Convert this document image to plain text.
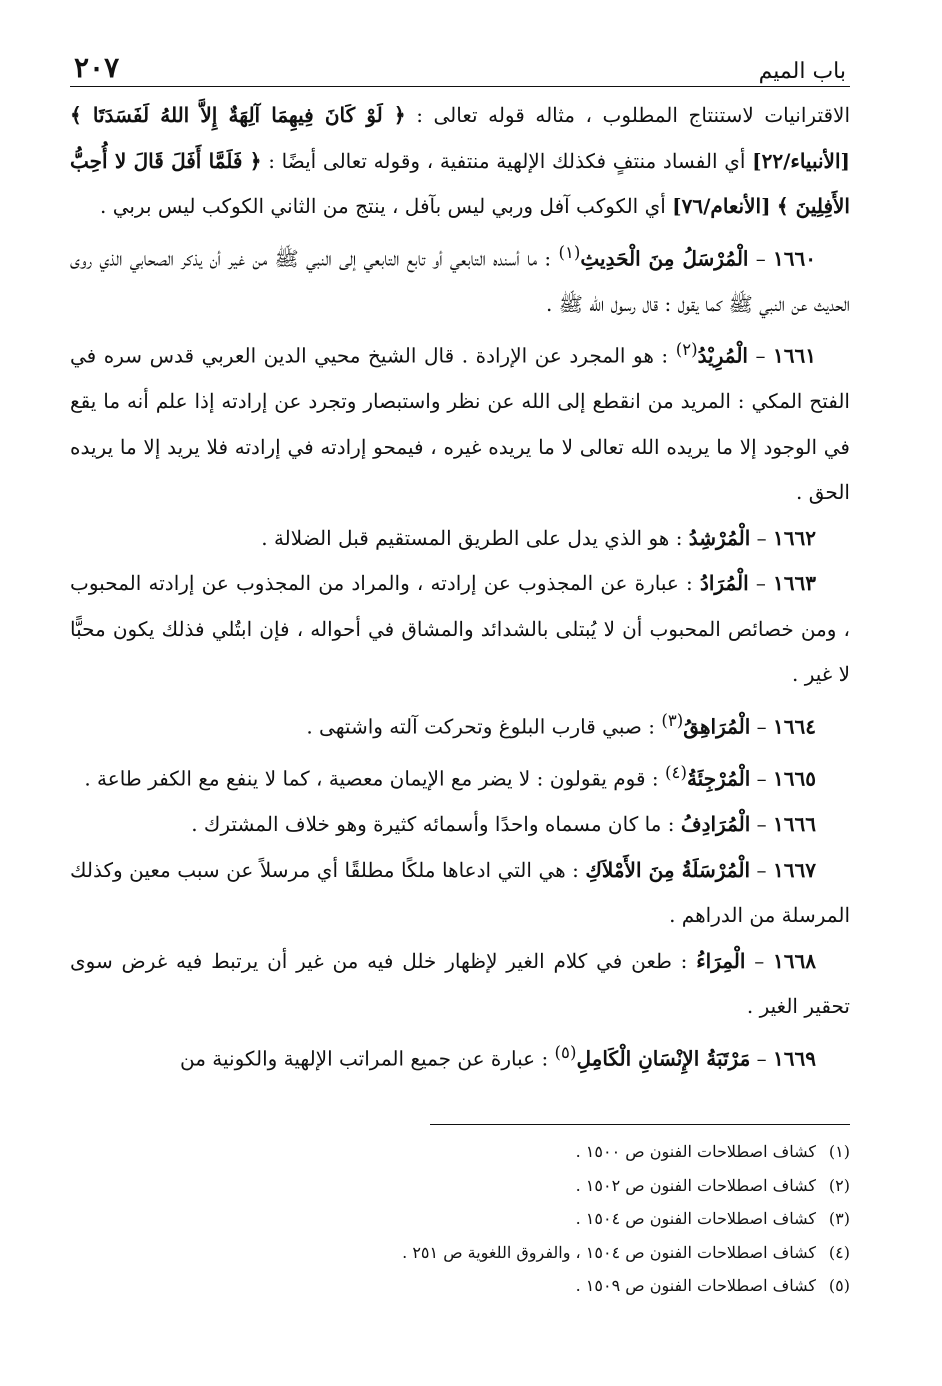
باب الميم
٢٠٧

الاقترانيات لاستنتاج المطلوب ، مثاله قوله تعالى : ﴿ لَوْ كَانَ فِيهِمَا آلِهَةٌ إِلاَّ اللهُ لَفَسَدَتَا ﴾ [الأنبياء/٢٢] أي الفساد منتفٍ فكذلك الإلهية منتفية ، وقوله تعالى أيضًا : ﴿ فَلَمَّا أَفَلَ قَالَ لا أُحِبُّ الأَفِلِينَ ﴾ [الأنعام/٧٦] أي الكوكب آفل وربي ليس بآفل ، ينتج من الثاني الكوكب ليس بربي .

١٦٦٠ – الْمُرْسَلُ مِنَ الْحَدِيثِ$^{(١)}$ : ما أسنده التابعي أو تابع التابعي إلى النبي ﷺ من غير أن يذكر الصحابي الذي روى الحديث عن النبي ﷺ كما يقول : قال رسول الله ﷺ .

١٦٦١ – الْمُرِيْدُ$^{(٢)}$ : هو المجرد عن الإرادة . قال الشيخ محيي الدين العربي قدس سره في الفتح المكي : المريد من انقطع إلى الله عن نظر واستبصار وتجرد عن إرادته إذا علم أنه ما يقع في الوجود إلا ما يريده الله تعالى لا ما يريده غيره ، فيمحو إرادته في إرادته فلا يريد إلا ما يريده الحق .

١٦٦٢ – الْمُرْشِدُ : هو الذي يدل على الطريق المستقيم قبل الضلالة .

١٦٦٣ – الْمُرَادُ : عبارة عن المجذوب عن إرادته ، والمراد من المجذوب عن إرادته المحبوب ، ومن خصائص المحبوب أن لا يُبتلى بالشدائد والمشاق في أحواله ، فإن ابتُلي فذلك يكون محبًّا لا غير .

١٦٦٤ – الْمُرَاهِقُ$^{(٣)}$ : صبي قارب البلوغ وتحركت آلته واشتهى .

١٦٦٥ – الْمُرْجِئَةُ$^{(٤)}$ : قوم يقولون : لا يضر مع الإيمان معصية ، كما لا ينفع مع الكفر طاعة .

١٦٦٦ – الْمُرَادِفُ : ما كان مسماه واحدًا وأسمائه كثيرة وهو خلاف المشترك .

١٦٦٧ – الْمُرْسَلَةُ مِنَ الأَمْلاَكِ : هي التي ادعاها ملكًا مطلقًا أي مرسلاً عن سبب معين وكذلك المرسلة من الدراهم .

١٦٦٨ – الْمِرَاءُ : طعن في كلام الغير لإظهار خلل فيه من غير أن يرتبط فيه غرض سوى تحقير الغير .

١٦٦٩ – مَرْتَبَةُ الإِنْسَانِ الْكَامِلِ$^{(٥)}$ : عبارة عن جميع المراتب الإلهية والكونية من

(١)كشاف اصطلاحات الفنون ص ١٥٠٠ .
(٢)كشاف اصطلاحات الفنون ص ١٥٠٢ .
(٣)كشاف اصطلاحات الفنون ص ١٥٠٤ .
(٤)كشاف اصطلاحات الفنون ص ١٥٠٤ ، والفروق اللغوية ص ٢٥١ .
(٥)كشاف اصطلاحات الفنون ص ١٥٠٩ .
